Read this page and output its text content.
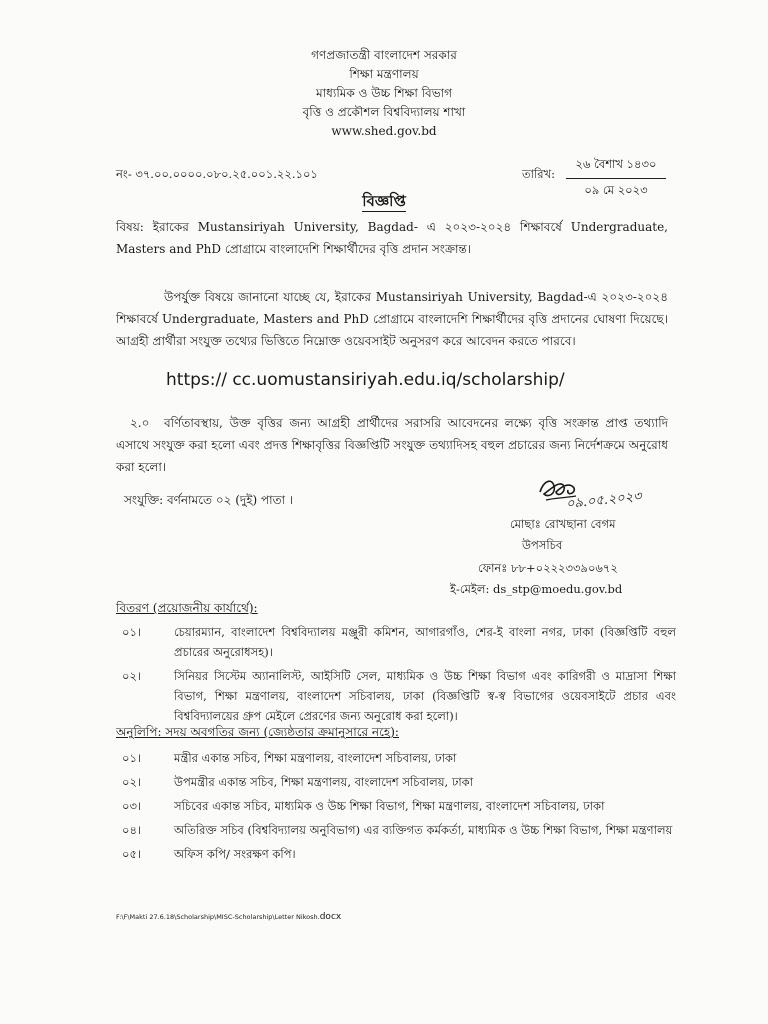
গণপ্রজাতন্ত্রী বাংলাদেশ সরকার
শিক্ষা মন্ত্রণালয়
মাধ্যমিক ও উচ্চ শিক্ষা বিভাগ
বৃত্তি ও প্রকৌশল বিশ্ববিদ্যালয় শাখা
www.shed.gov.bd
নং- ৩৭.০০.০০০০.০৮০.২৫.০০১.২২.১০১	তারিখ:
২৬ বৈশাখ ১৪৩০
০৯ মে ২০২৩
বিজ্ঞপ্তি
বিষয়: ইরাকের Mustansiriyah University, Bagdad- এ ২০২৩-২০২৪ শিক্ষাবর্ষে Undergraduate, Masters and PhD প্রোগ্রামে বাংলাদেশি শিক্ষার্থীদের বৃত্তি প্রদান সংক্রান্ত।
উপর্যুক্ত বিষয়ে জানানো যাচ্ছে যে, ইরাকের Mustansiriyah University, Bagdad-এ ২০২৩-২০২৪ শিক্ষাবর্ষে Undergraduate, Masters and PhD প্রোগ্রামে বাংলাদেশি শিক্ষার্থীদের বৃত্তি প্রদানের ঘোষণা দিয়েছে। আগ্রহী প্রার্থীরা সংযুক্ত তথ্যের ভিত্তিতে নিম্নোক্ত ওয়েবসাইট অনুসরণ করে আবেদন করতে পারবে।
https:// cc.uomustansiriyah.edu.iq/scholarship/
২.০ বর্ণিতাবস্থায়, উক্ত বৃত্তির জন্য আগ্রহী প্রার্থীদের সরাসরি আবেদনের লক্ষ্যে বৃত্তি সংক্রান্ত প্রাপ্ত তথ্যাদি এসাথে সংযুক্ত করা হলো এবং প্রদত্ত শিক্ষাবৃত্তির বিজ্ঞপ্তিটি সংযুক্ত তথ্যাদিসহ বহুল প্রচারের জন্য নির্দেশক্রমে অনুরোধ করা হলো।
সংযুক্তি: বর্ণনামতে ০২ (দুই) পাতা ।	০৯.০৫.২০২৩
মোছাঃ রোখছানা বেগম
উপসচিব
ফোনঃ ৮৮+০২২২৩৩৯০৬৭২
ই-মেইল: ds_stp@moedu.gov.bd
বিতরণ (প্রয়োজনীয় কার্যার্থে):
০১।	চেয়ারম্যান, বাংলাদেশ বিশ্ববিদ্যালয় মঞ্জুরী কমিশন, আগারগাঁও, শের-ই বাংলা নগর, ঢাকা (বিজ্ঞপ্তিটি বহুল প্রচারের অনুরোধসহ)।
০২।	সিনিয়র সিস্টেম অ্যানালিস্ট, আইসিটি সেল, মাধ্যমিক ও উচ্চ শিক্ষা বিভাগ এবং কারিগরী ও মাদ্রাসা শিক্ষা বিভাগ, শিক্ষা মন্ত্রণালয়, বাংলাদেশ সচিবালয়, ঢাকা (বিজ্ঞপ্তিটি স্ব-স্ব বিভাগের ওয়েবসাইটে প্রচার এবং বিশ্ববিদ্যালয়ের গ্রুপ মেইলে প্রেরণের জন্য অনুরোধ করা হলো)।
অনুলিপি: সদয় অবগতির জন্য (জ্যেষ্ঠতার ক্রমানুসারে নহে):
০১।	মন্ত্রীর একান্ত সচিব, শিক্ষা মন্ত্রণালয়, বাংলাদেশ সচিবালয়, ঢাকা
০২।	উপমন্ত্রীর একান্ত সচিব, শিক্ষা মন্ত্রণালয়, বাংলাদেশ সচিবালয়, ঢাকা
০৩।	সচিবের একান্ত সচিব, মাধ্যমিক ও উচ্চ শিক্ষা বিভাগ, শিক্ষা মন্ত্রণালয়, বাংলাদেশ সচিবালয়, ঢাকা
০৪।	অতিরিক্ত সচিব (বিশ্ববিদ্যালয় অনুবিভাগ) এর ব্যক্তিগত কর্মকর্তা, মাধ্যমিক ও উচ্চ শিক্ষা বিভাগ, শিক্ষা মন্ত্রণালয়
০৫।	অফিস কপি/ সংরক্ষণ কপি।
F:\F\Makti 27.6.18\Scholarship\MISC-Scholarship\Letter Nikosh.docx
